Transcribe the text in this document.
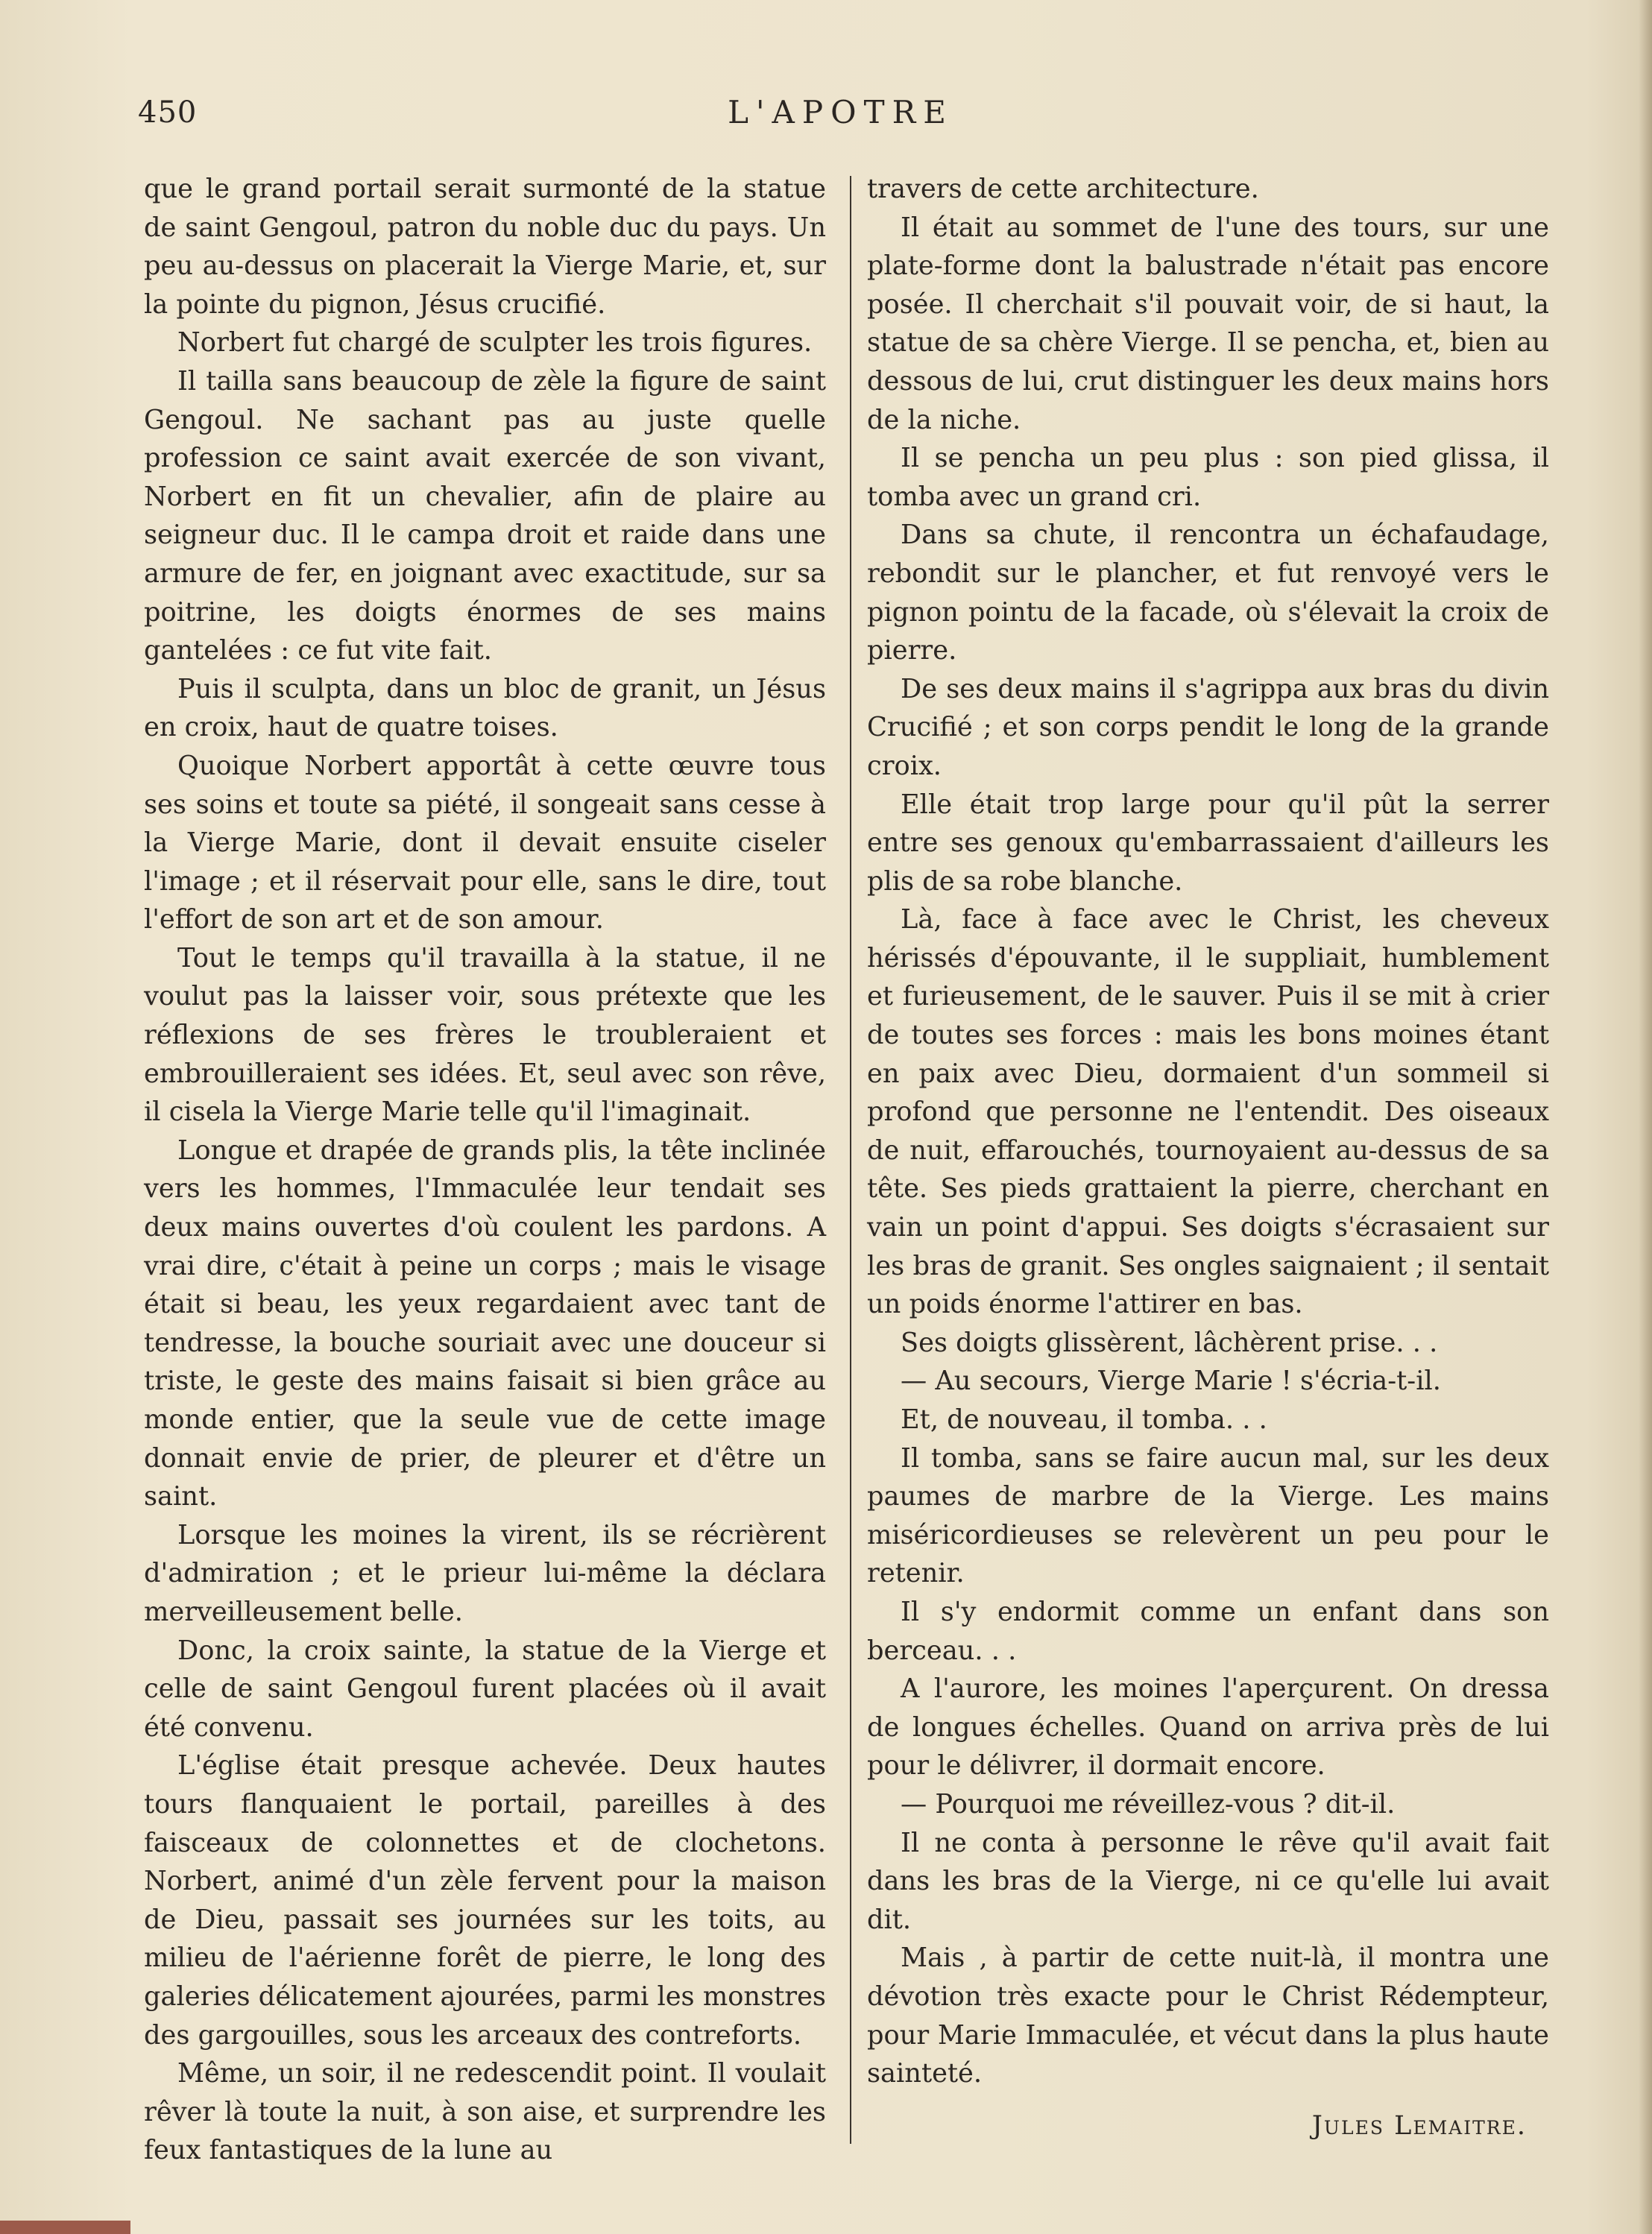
450	L'APOTRE

que le grand portail serait surmonté de la statue de saint Gengoul, patron du noble duc du pays. Un peu au-dessus on placerait la Vierge Marie, et, sur la pointe du pignon, Jésus crucifié.

Norbert fut chargé de sculpter les trois figures.

Il tailla sans beaucoup de zèle la figure de saint Gengoul. Ne sachant pas au juste quelle profession ce saint avait exercée de son vivant, Norbert en fit un chevalier, afin de plaire au seigneur duc. Il le campa droit et raide dans une armure de fer, en joignant avec exactitude, sur sa poitrine, les doigts énormes de ses mains gantelées : ce fut vite fait.

Puis il sculpta, dans un bloc de granit, un Jésus en croix, haut de quatre toises.

Quoique Norbert apportât à cette œuvre tous ses soins et toute sa piété, il songeait sans cesse à la Vierge Marie, dont il devait ensuite ciseler l'image ; et il réservait pour elle, sans le dire, tout l'effort de son art et de son amour.

Tout le temps qu'il travailla à la statue, il ne voulut pas la laisser voir, sous prétexte que les réflexions de ses frères le troubleraient et embrouilleraient ses idées. Et, seul avec son rêve, il cisela la Vierge Marie telle qu'il l'imaginait.

Longue et drapée de grands plis, la tête inclinée vers les hommes, l'Immaculée leur tendait ses deux mains ouvertes d'où coulent les pardons. A vrai dire, c'était à peine un corps ; mais le visage était si beau, les yeux regardaient avec tant de tendresse, la bouche souriait avec une douceur si triste, le geste des mains faisait si bien grâce au monde entier, que la seule vue de cette image donnait envie de prier, de pleurer et d'être un saint.

Lorsque les moines la virent, ils se récrièrent d'admiration ; et le prieur lui-même la déclara merveilleusement belle.

Donc, la croix sainte, la statue de la Vierge et celle de saint Gengoul furent placées où il avait été convenu.

L'église était presque achevée. Deux hautes tours flanquaient le portail, pareilles à des faisceaux de colonnettes et de clochetons. Norbert, animé d'un zèle fervent pour la maison de Dieu, passait ses journées sur les toits, au milieu de l'aérienne forêt de pierre, le long des galeries délicatement ajourées, parmi les monstres des gargouilles, sous les arceaux des contreforts.

Même, un soir, il ne redescendit point. Il voulait rêver là toute la nuit, à son aise, et surprendre les feux fantastiques de la lune au

travers de cette architecture.

Il était au sommet de l'une des tours, sur une plate-forme dont la balustrade n'était pas encore posée. Il cherchait s'il pouvait voir, de si haut, la statue de sa chère Vierge. Il se pencha, et, bien au dessous de lui, crut distinguer les deux mains hors de la niche.

Il se pencha un peu plus : son pied glissa, il tomba avec un grand cri.

Dans sa chute, il rencontra un échafaudage, rebondit sur le plancher, et fut renvoyé vers le pignon pointu de la facade, où s'élevait la croix de pierre.

De ses deux mains il s'agrippa aux bras du divin Crucifié ; et son corps pendit le long de la grande croix.

Elle était trop large pour qu'il pût la serrer entre ses genoux qu'embarrassaient d'ailleurs les plis de sa robe blanche.

Là, face à face avec le Christ, les cheveux hérissés d'épouvante, il le suppliait, humblement et furieusement, de le sauver. Puis il se mit à crier de toutes ses forces : mais les bons moines étant en paix avec Dieu, dormaient d'un sommeil si profond que personne ne l'entendit. Des oiseaux de nuit, effarouchés, tournoyaient au-dessus de sa tête. Ses pieds grattaient la pierre, cherchant en vain un point d'appui. Ses doigts s'écrasaient sur les bras de granit. Ses ongles saignaient ; il sentait un poids énorme l'attirer en bas.

Ses doigts glissèrent, lâchèrent prise. . .

— Au secours, Vierge Marie ! s'écria-t-il.

Et, de nouveau, il tomba. . .

Il tomba, sans se faire aucun mal, sur les deux paumes de marbre de la Vierge. Les mains miséricordieuses se relevèrent un peu pour le retenir.

Il s'y endormit comme un enfant dans son berceau. . .

A l'aurore, les moines l'aperçurent. On dressa de longues échelles. Quand on arriva près de lui pour le délivrer, il dormait encore.

— Pourquoi me réveillez-vous ? dit-il.

Il ne conta à personne le rêve qu'il avait fait dans les bras de la Vierge, ni ce qu'elle lui avait dit.

Mais , à partir de cette nuit-là, il montra une dévotion très exacte pour le Christ Rédempteur, pour Marie Immaculée, et vécut dans la plus haute sainteté.

Jules Lemaitre.
